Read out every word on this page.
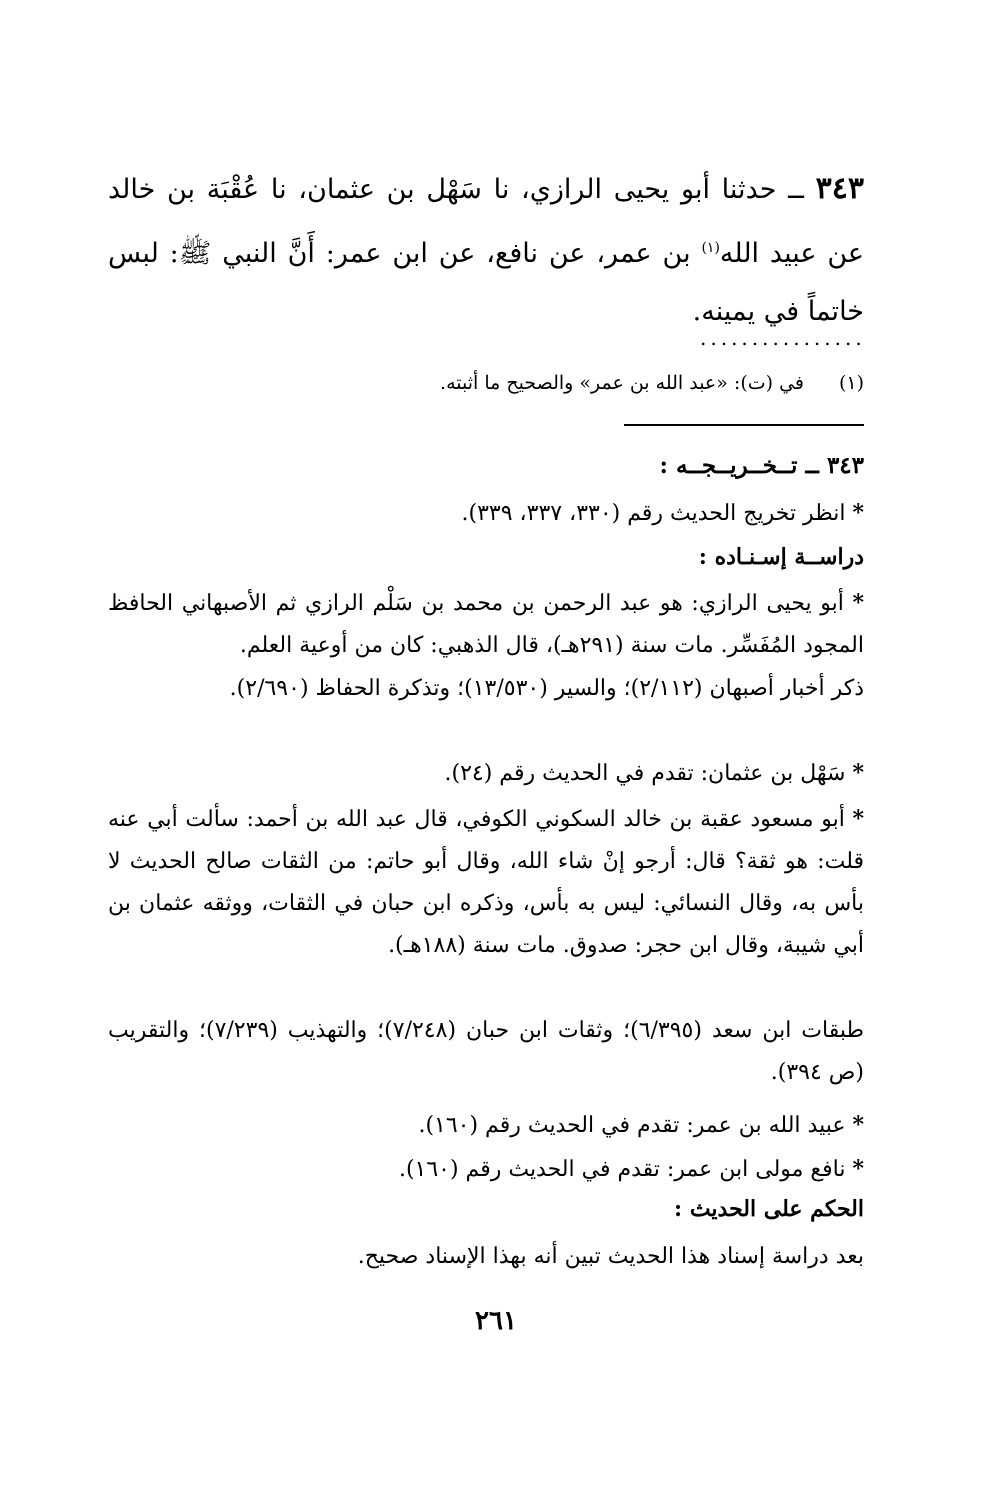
٣٤٣ ــ حدثنا أبو يحيى الرازي، نا سَهْل بن عثمان، نا عُقْبَة بن خالد عن عبيد الله$^{(١)}$ بن عمر، عن نافع، عن ابن عمر: أَنَّ النبي ﷺ: لبس خاتماً في يمينه.
................
(١)في (ت): «عبد الله بن عمر» والصحيح ما أثبته.
٣٤٣ ــ تــخــريــجــه :
* انظر تخريج الحديث رقم (٣٣٠، ٣٣٧، ٣٣٩).
دراســة إسـنـاده :
* أبو يحيى الرازي: هو عبد الرحمن بن محمد بن سَلْم الرازي ثم الأصبهاني الحافظ المجود المُفَسِّر. مات سنة (٢٩١هـ)، قال الذهبي: كان من أوعية العلم.
ذكر أخبار أصبهان (٢/١١٢)؛ والسير (١٣/٥٣٠)؛ وتذكرة الحفاظ (٢/٦٩٠).
* سَهْل بن عثمان: تقدم في الحديث رقم (٢٤).
* أبو مسعود عقبة بن خالد السكوني الكوفي، قال عبد الله بن أحمد: سألت أبي عنه قلت: هو ثقة؟ قال: أرجو إنْ شاء الله، وقال أبو حاتم: من الثقات صالح الحديث لا بأس به، وقال النسائي: ليس به بأس، وذكره ابن حبان في الثقات، ووثقه عثمان بن أبي شيبة، وقال ابن حجر: صدوق. مات سنة (١٨٨هـ).
طبقات ابن سعد (٦/٣٩٥)؛ وثقات ابن حبان (٧/٢٤٨)؛ والتهذيب (٧/٢٣٩)؛ والتقريب (ص ٣٩٤).
* عبيد الله بن عمر: تقدم في الحديث رقم (١٦٠).
* نافع مولى ابن عمر: تقدم في الحديث رقم (١٦٠).
الحكم على الحديث :
بعد دراسة إسناد هذا الحديث تبين أنه بهذا الإسناد صحيح.
٢٦١
